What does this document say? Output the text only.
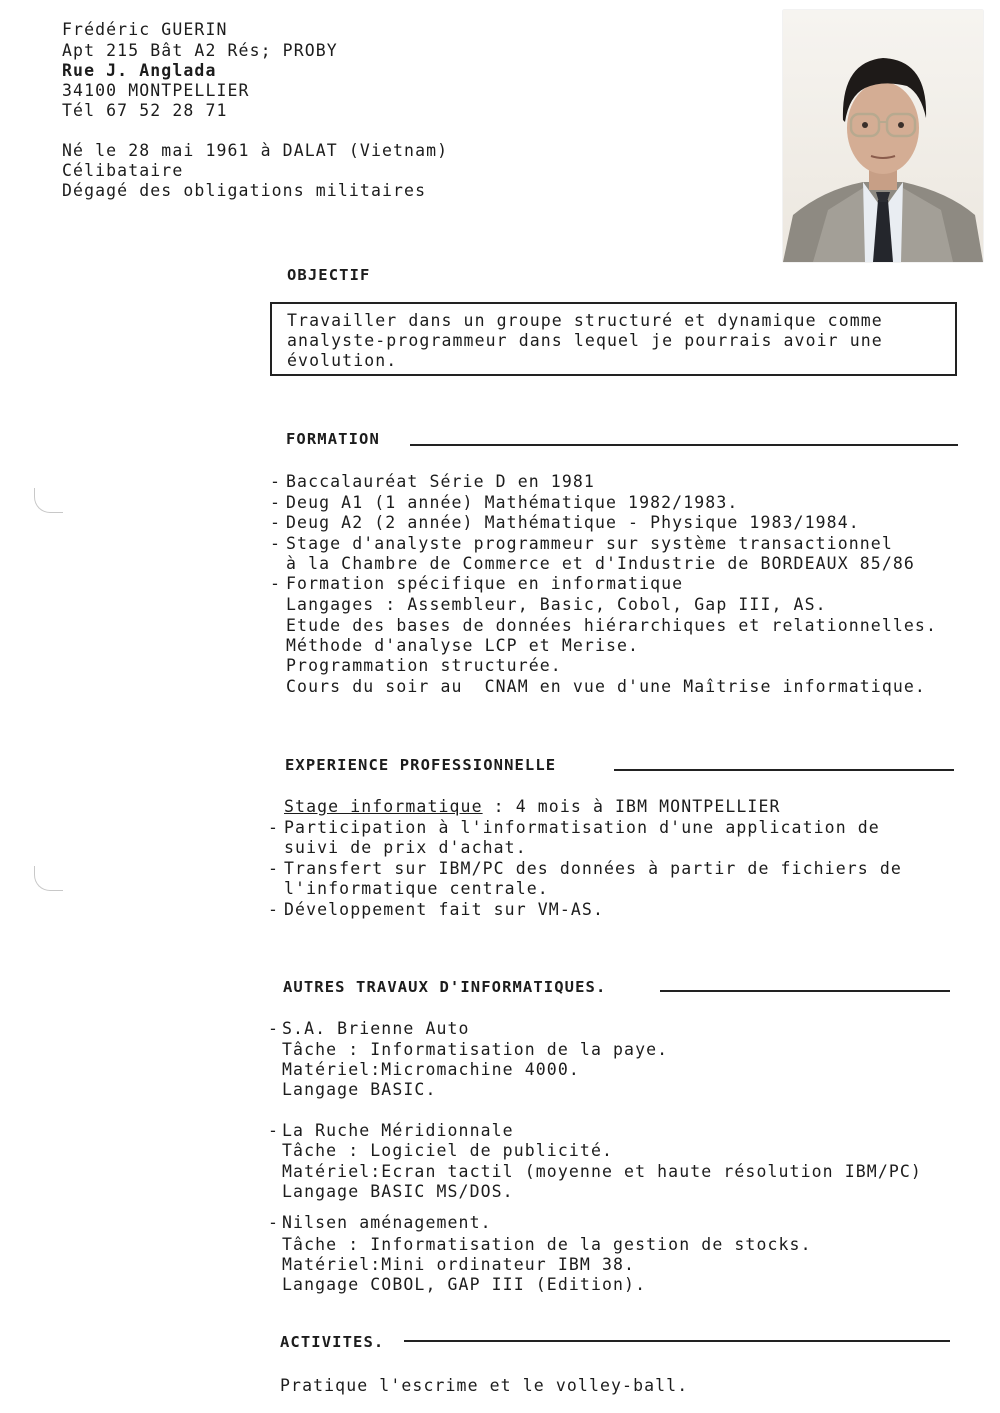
Frédéric GUERIN
Apt 215 Bât A2 Rés; PROBY
Rue J. Anglada
34100 MONTPELLIER
Tél 67 52 28 71
Né le 28 mai 1961 à DALAT (Vietnam)
Célibataire
Dégagé des obligations militaires
OBJECTIF
Travailler dans un groupe structuré et dynamique comme
analyste-programmeur dans lequel je pourrais avoir une
évolution.
FORMATION
- Baccalauréat Série D en 1981
- Deug A1 (1 année) Mathématique 1982/1983.
- Deug A2 (2 année) Mathématique - Physique 1983/1984.
- Stage d'analyste programmeur sur système transactionnel
à la Chambre de Commerce et d'Industrie de BORDEAUX 85/86
- Formation spécifique en informatique
Langages : Assembleur, Basic, Cobol, Gap III, AS.
Etude des bases de données hiérarchiques et relationnelles.
Méthode d'analyse LCP et Merise.
Programmation structurée.
Cours du soir au  CNAM en vue d'une Maîtrise informatique.
EXPERIENCE PROFESSIONNELLE
Stage informatique : 4 mois à IBM MONTPELLIER
- Participation à l'informatisation d'une application de
suivi de prix d'achat.
- Transfert sur IBM/PC des données à partir de fichiers de
l'informatique centrale.
- Développement fait sur VM-AS.
AUTRES TRAVAUX D'INFORMATIQUES.
- S.A. Brienne Auto
Tâche : Informatisation de la paye.
Matériel:Micromachine 4000.
Langage BASIC.
- La Ruche Méridionnale
Tâche : Logiciel de publicité.
Matériel:Ecran tactil (moyenne et haute résolution IBM/PC)
Langage BASIC MS/DOS.
- Nilsen aménagement.
Tâche : Informatisation de la gestion de stocks.
Matériel:Mini ordinateur IBM 38.
Langage COBOL, GAP III (Edition).
ACTIVITES.
Pratique l'escrime et le volley-ball.
